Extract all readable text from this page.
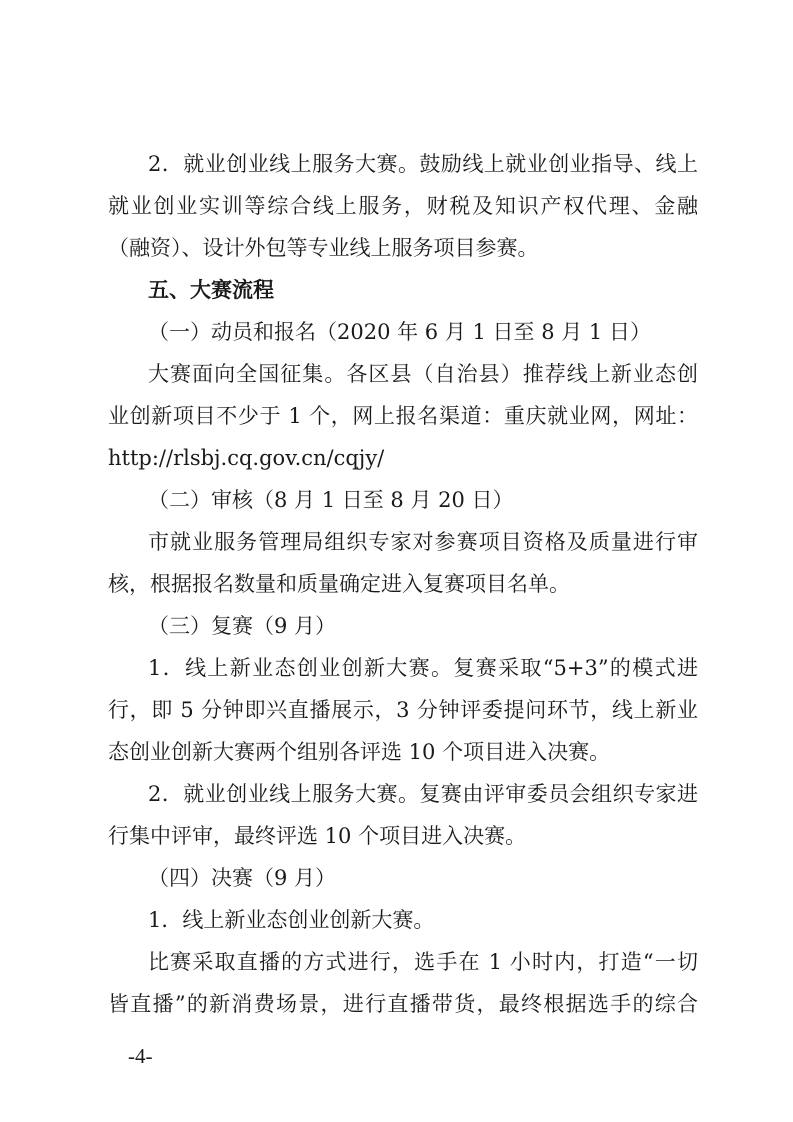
2．就业创业线上服务大赛。鼓励线上就业创业指导、线上
就业创业实训等综合线上服务，财税及知识产权代理、金融
（融资）、设计外包等专业线上服务项目参赛。
五、大赛流程
（一）动员和报名（2020 年 6 月 1 日至 8 月 1 日）
大赛面向全国征集。各区县（自治县）推荐线上新业态创
业创新项目不少于 1 个，网上报名渠道：重庆就业网，网址：
http://rlsbj.cq.gov.cn/cqjy/
（二）审核（8 月 1 日至 8 月 20 日）
市就业服务管理局组织专家对参赛项目资格及质量进行审
核，根据报名数量和质量确定进入复赛项目名单。
（三）复赛（9 月）
1．线上新业态创业创新大赛。复赛采取“5+3”的模式进
行，即 5 分钟即兴直播展示，3 分钟评委提问环节，线上新业
态创业创新大赛两个组别各评选 10 个项目进入决赛。
2．就业创业线上服务大赛。复赛由评审委员会组织专家进
行集中评审，最终评选 10 个项目进入决赛。
（四）决赛（9 月）
1．线上新业态创业创新大赛。
比赛采取直播的方式进行，选手在 1 小时内，打造“一切
皆直播”的新消费场景，进行直播带货，最终根据选手的综合
-4-
